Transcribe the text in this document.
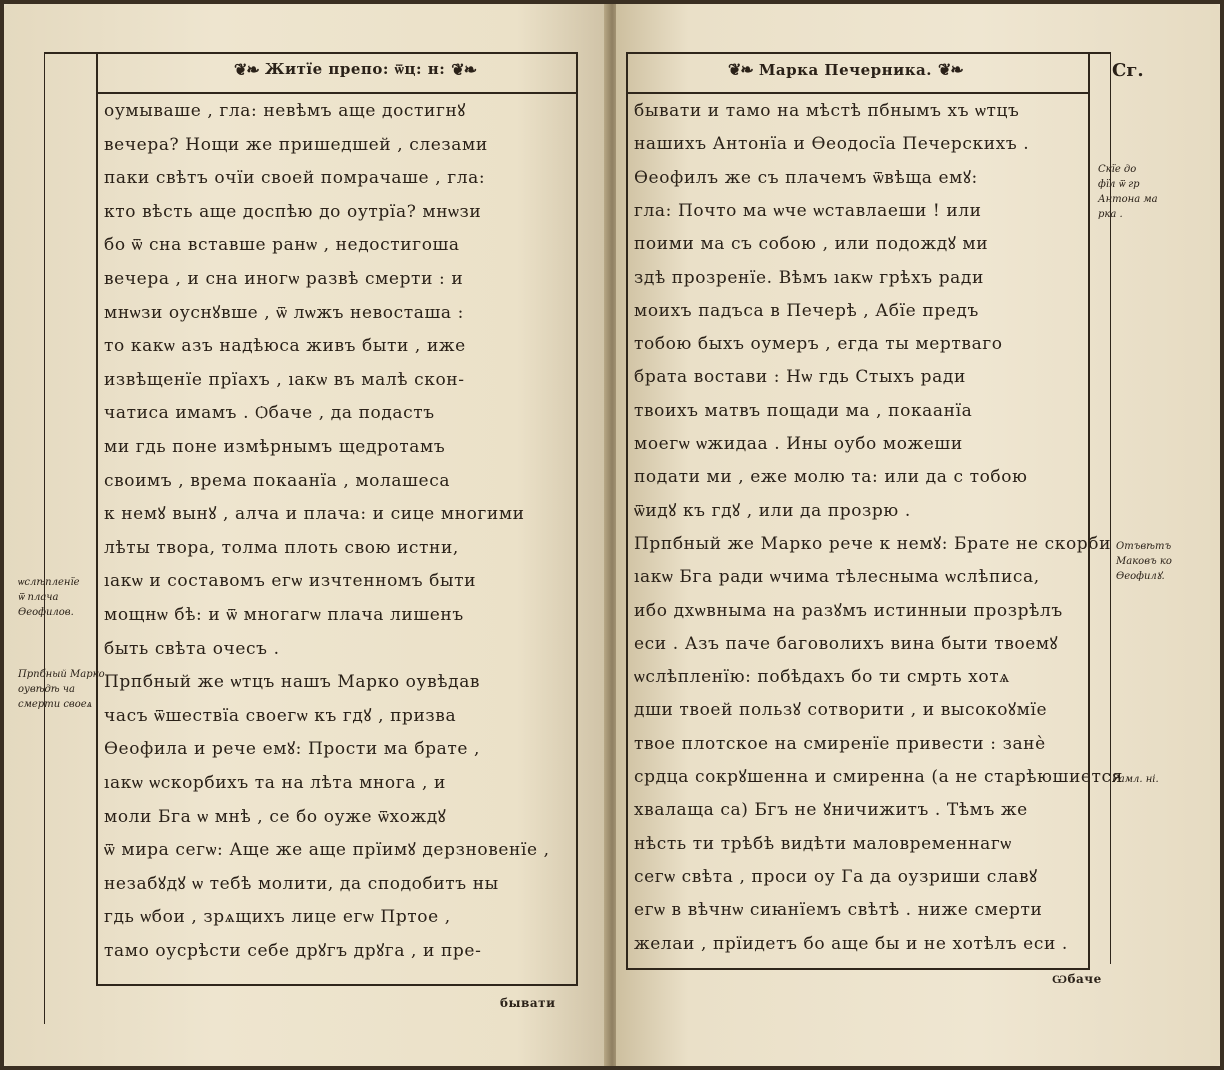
❦❧ Житїе препо: ѿц: н: ❦❧
оумываше , гла: невѣмъ аще достигнꙋ
вечера? Нощи же пришедшей , слезами
паки свѣтъ очїи своей помрачаше , гла:
кто вѣсть аще доспѣю до оутрїа? мнѡзи
бо ѿ сна вставше ранѡ , недостигоша
вечера , и сна иногѡ развѣ смерти : и
мнѡзи оуснꙋвше , ѿ лѡжъ невосташа :
то какѡ азъ надѣюса живъ быти , иже
извѣщенїе прїахъ , ıакѡ въ малѣ скон-
чатиса имамъ . Ѻбаче , да подастъ
ми гдь поне измѣрнымъ щедротамъ
своимъ , врема покаанїа , молашеса
к немꙋ вынꙋ , алча и плача: и сице многими
лѣты твора, толма плоть свою истни,
ıакѡ и составомъ егѡ изчтенномъ быти
мощнѡ бѣ: и ѿ многагѡ плача лишенъ
быть свѣта очесъ .
Прпбный же ѡтцъ нашъ Марко оувѣдав
часъ ѿшествїа своегѡ къ гдꙋ , призва
Ѳеофила и рече емꙋ: Прости ма брате ,
ıакѡ ѡскорбихъ та на лѣта многа , и
моли Бга ѡ мнѣ , се бо оуже ѿхождꙋ
ѿ мира сегѡ: Аще же аще прїимꙋ дерзновенїе ,
незабꙋдꙋ ѡ тебѣ молити, да сподобитъ ны
гдь ѡбои , зрѧщихъ лице егѡ Пртое ,
тамо оусрѣсти себе дрꙋгъ дрꙋга , и пре-
бывати
ѡслѣпленїе
ѿ плача
Ѳеофилов.
Прпбный Марко
оувѣдѣ ча
смерти своеѧ
❦❧ Марка Печерника. ❦❧	Сг.
бывати и тамо на мѣстѣ пбнымъ хъ ѡтцъ
нашихъ Антонїа и Ѳеодосїа Печерскихъ .
Ѳеофилъ же съ плачемъ ѿвѣща емꙋ:
гла: Почто ма ѡче ѡставлаеши ! или
поими ма съ собою , или подождꙋ ми
здѣ прозренїе. Вѣмъ ıакѡ грѣхъ ради
моихъ падъса в Печерѣ , Абїе предъ
тобою быхъ оумеръ , егда ты мертваго
брата востави : Нѡ гдь Стыхъ ради
твоихъ матвъ пощади ма , покаанїа
моегѡ ѡжидаа . Ины оубо можеши
подати ми , еже молю та: или да с тобою
ѿидꙋ къ гдꙋ , или да прозрю .
Прпбный же Марко рече к немꙋ: Брате не скорби
ıакѡ Бга ради ѡчима тѣлесныма ѡслѣписа,
ибо дхѡвныма на разꙋмъ истинныи прозрѣлъ
еси . Азъ паче баговолихъ вина быти твоемꙋ
ѡслѣпленїю: побѣдахъ бо ти смрть хотѧ
дши твоей пользꙋ сотворити , и высокоꙋмїе
твое плотское на смиренїе привести : занѐ
срдца сокрꙋшенна и смиренна (а не старѣюшиется
хвалаща са) Бгъ не ꙋничижитъ . Тѣмъ же
нѣсть ти трѣбѣ видѣти маловременнагѡ
сегѡ свѣта , проси оу Га да оузриши славꙋ
егѡ в вѣчнѡ сиꙗнїемъ свѣтѣ . ниже смерти
желаи , прїидетъ бо аще бы и не хотѣлъ еси .
Ѡбаче
Скїе до
фїл ѿ гр
Антона ма
рка .
Отъвѣтъ
Маковъ ко
Ѳеофилꙋ.
Рамл. ні.
